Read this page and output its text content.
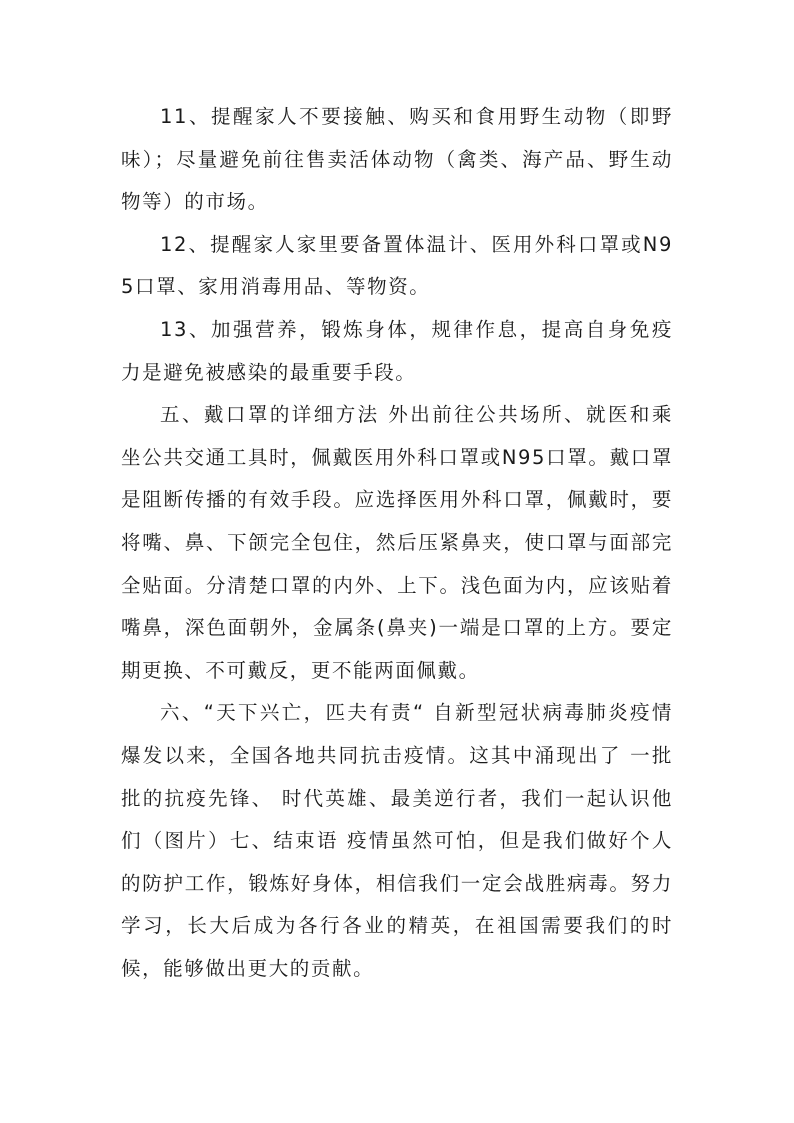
11、提醒家人不要接触、购买和食用野生动物（即野味）；尽量避免前往售卖活体动物（禽类、海产品、野生动物等）的市场。

12、提醒家人家里要备置体温计、医用外科口罩或N95口罩、家用消毒用品、等物资。

13、加强营养，锻炼身体，规律作息，提高自身免疫力是避免被感染的最重要手段。

五、戴口罩的详细方法 外出前往公共场所、就医和乘坐公共交通工具时，佩戴医用外科口罩或N95口罩。戴口罩是阻断传播的有效手段。应选择医用外科口罩，佩戴时，要将嘴、鼻、下颌完全包住，然后压紧鼻夹，使口罩与面部完全贴面。分清楚口罩的内外、上下。浅色面为内，应该贴着嘴鼻，深色面朝外，金属条(鼻夹)一端是口罩的上方。要定期更换、不可戴反，更不能两面佩戴。

六、“天下兴亡，匹夫有责“ 自新型冠状病毒肺炎疫情爆发以来，全国各地共同抗击疫情。这其中涌现出了 一批批的抗疫先锋、 时代英雄、最美逆行者，我们一起认识他们（图片）七、结束语 疫情虽然可怕，但是我们做好个人的防护工作，锻炼好身体，相信我们一定会战胜病毒。努力学习，长大后成为各行各业的精英，在祖国需要我们的时候，能够做出更大的贡献。
